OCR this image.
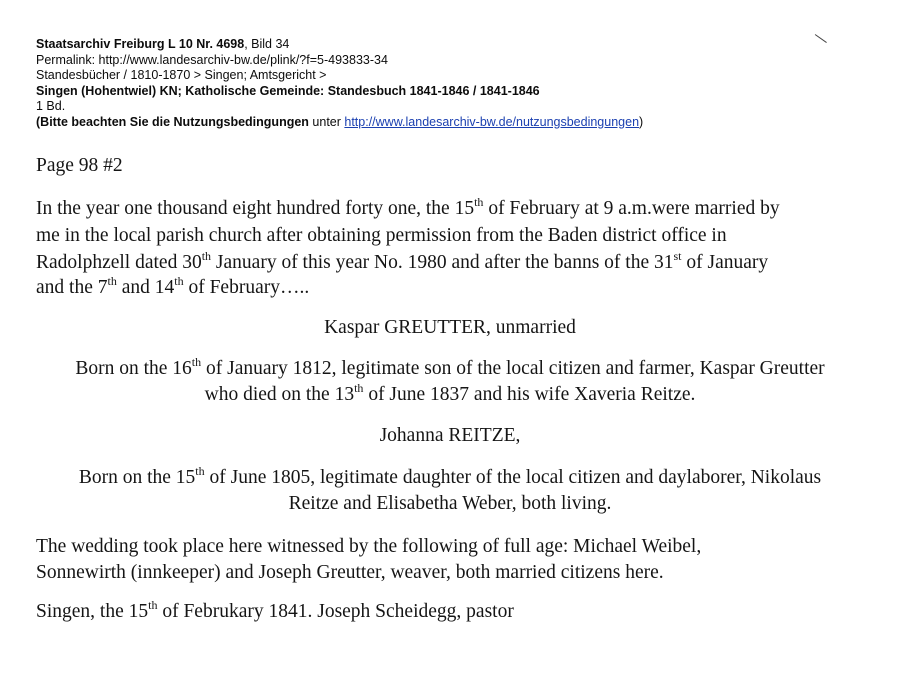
Staatsarchiv Freiburg L 10 Nr. 4698, Bild 34
Permalink: http://www.landesarchiv-bw.de/plink/?f=5-493833-34
Standesbücher / 1810-1870 > Singen; Amtsgericht >
Singen (Hohentwiel) KN; Katholische Gemeinde: Standesbuch 1841-1846 / 1841-1846
1 Bd.
(Bitte beachten Sie die Nutzungsbedingungen unter http://www.landesarchiv-bw.de/nutzungsbedingungen)
Page 98 #2
In the year one thousand eight hundred forty one, the 15th of February at 9 a.m.were married by
me in the local parish church after obtaining permission from the Baden district office in
Radolphzell dated 30th January of this year No. 1980 and after the banns of the 31st of January
and the 7th and 14th of February…..
Kaspar GREUTTER, unmarried
Born on the 16th of January 1812, legitimate son of the local citizen and farmer, Kaspar Greutter
who died on the 13th of June 1837 and his wife Xaveria Reitze.
Johanna REITZE,
Born on the 15th of June 1805, legitimate daughter of the local citizen and daylaborer, Nikolaus
Reitze and Elisabetha Weber, both living.
The wedding took place here witnessed by the following of full age: Michael Weibel,
Sonnewirth (innkeeper) and Joseph Greutter, weaver, both married citizens here.
Singen, the 15th of Februkary 1841. Joseph Scheidegg, pastor
